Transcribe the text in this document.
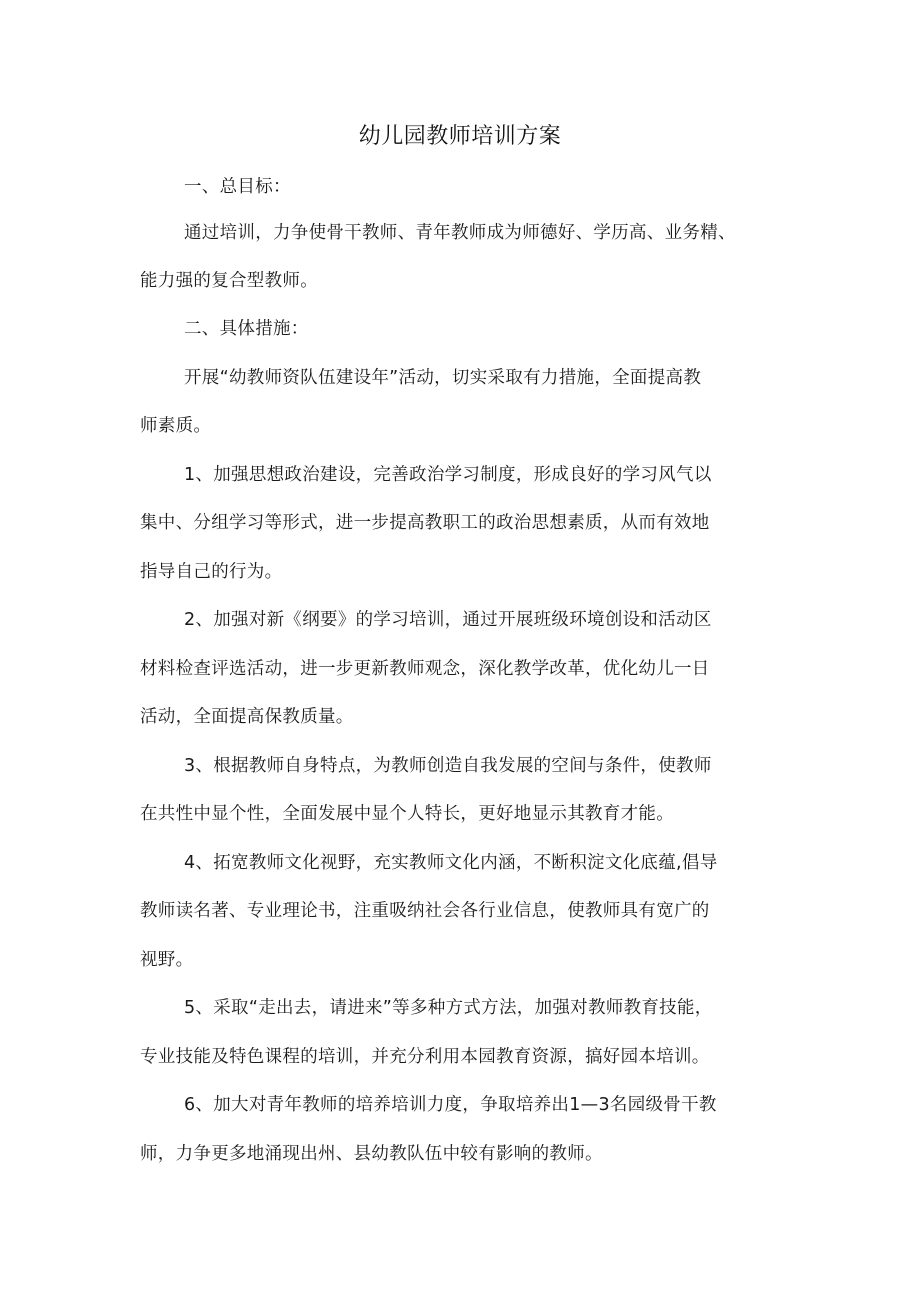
幼儿园教师培训方案
一、总目标：
通过培训，力争使骨干教师、青年教师成为师德好、学历高、业务精、
能力强的复合型教师。
二、具体措施：
开展“幼教师资队伍建设年”活动，切实采取有力措施，全面提高教
师素质。
1、加强思想政治建设，完善政治学习制度，形成良好的学习风气以
集中、分组学习等形式，进一步提高教职工的政治思想素质，从而有效地
指导自己的行为。
2、加强对新《纲要》的学习培训，通过开展班级环境创设和活动区
材料检查评选活动，进一步更新教师观念，深化教学改革，优化幼儿一日
活动，全面提高保教质量。
3、根据教师自身特点，为教师创造自我发展的空间与条件，使教师
在共性中显个性，全面发展中显个人特长，更好地显示其教育才能。
4、拓宽教师文化视野，充实教师文化内涵，不断积淀文化底蕴,倡导
教师读名著、专业理论书，注重吸纳社会各行业信息，使教师具有宽广的
视野。
5、采取“走出去，请进来”等多种方式方法，加强对教师教育技能，
专业技能及特色课程的培训，并充分利用本园教育资源，搞好园本培训。
6、加大对青年教师的培养培训力度，争取培养出1—3名园级骨干教
师，力争更多地涌现出州、县幼教队伍中较有影响的教师。
